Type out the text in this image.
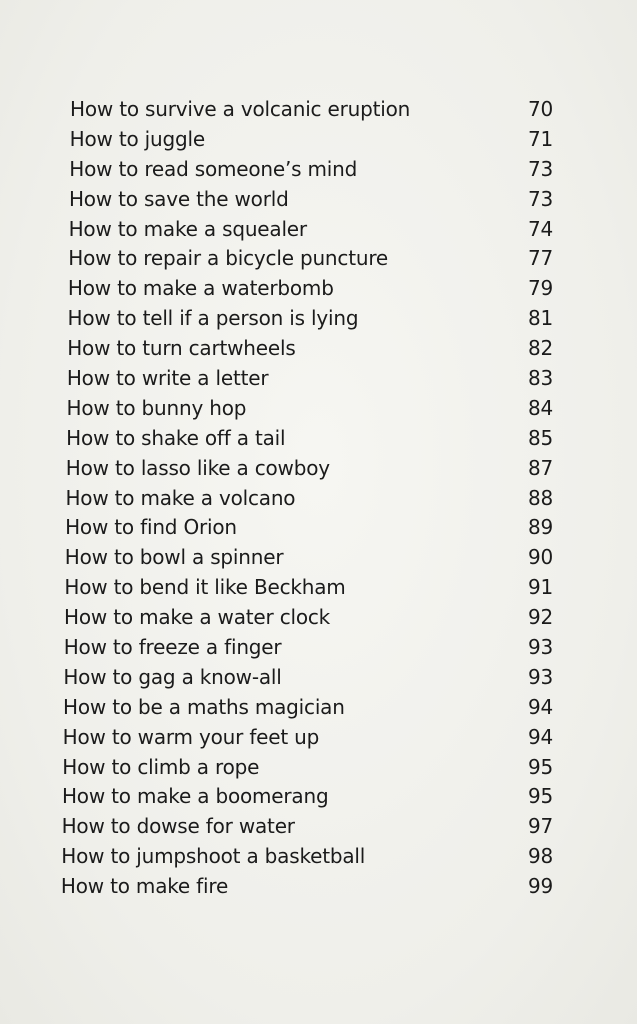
How to survive a volcanic eruption	70
How to juggle	71
How to read someone’s mind	73
How to save the world	73
How to make a squealer	74
How to repair a bicycle puncture	77
How to make a waterbomb	79
How to tell if a person is lying	81
How to turn cartwheels	82
How to write a letter	83
How to bunny hop	84
How to shake off a tail	85
How to lasso like a cowboy	87
How to make a volcano	88
How to find Orion	89
How to bowl a spinner	90
How to bend it like Beckham	91
How to make a water clock	92
How to freeze a finger	93
How to gag a know-all	93
How to be a maths magician	94
How to warm your feet up	94
How to climb a rope	95
How to make a boomerang	95
How to dowse for water	97
How to jumpshoot a basketball	98
How to make fire	99
